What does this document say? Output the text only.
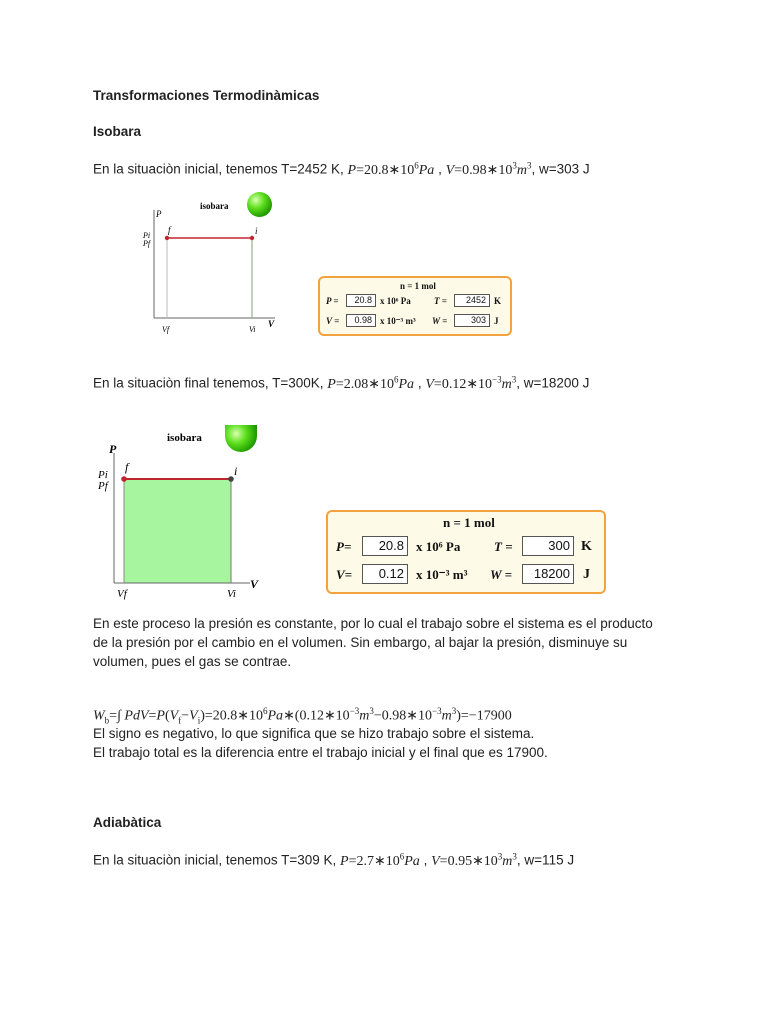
Transformaciones Termodinàmicas
Isobara
En la situaciòn inicial, tenemos T=2452 K, $P=20.8∗10^6Pa$ , $V=0.98∗10^3m^3$, w=303 J
P
V
f	i
Pi
Pf
Vf	Vi
isobara
n = 1 mol
P =	20.8 x 10⁶ Pa	T =	2452 K
V =	0.98 x 10⁻³ m³ W =	303 J
En la situaciòn final tenemos, T=300K, $P=2.08∗10^6Pa$ , $V=0.12∗10^{-3}m^3$, w=18200 J
P
V
f	i
Pi
Pf
Vf	Vi
isobara
n = 1 mol
P=	20.8 x 10⁶ Pa	T =	300 K
V=	0.12 x 10⁻³ m³ W =	18200 J
En este proceso la presión es constante, por lo cual el trabajo sobre el sistema es el producto de la presión por el cambio en el volumen. Sin embargo, al bajar la presión, disminuye su volumen, pues el gas se contrae.
$W_b=\int$ $PdV=P(V_f-V_i)=20.8∗10^6Pa∗(0.12∗10^{-3}m^3-0.98∗10^{-3}m^3)=-17900$
El signo es negativo, lo que significa que se hizo trabajo sobre el sistema.
El trabajo total es la diferencia entre el trabajo inicial y el final que es 17900.
Adiabàtica
En la situaciòn inicial, tenemos T=309 K, $P=2.7∗10^6Pa$ , $V=0.95∗10^3m^3$, w=115 J
